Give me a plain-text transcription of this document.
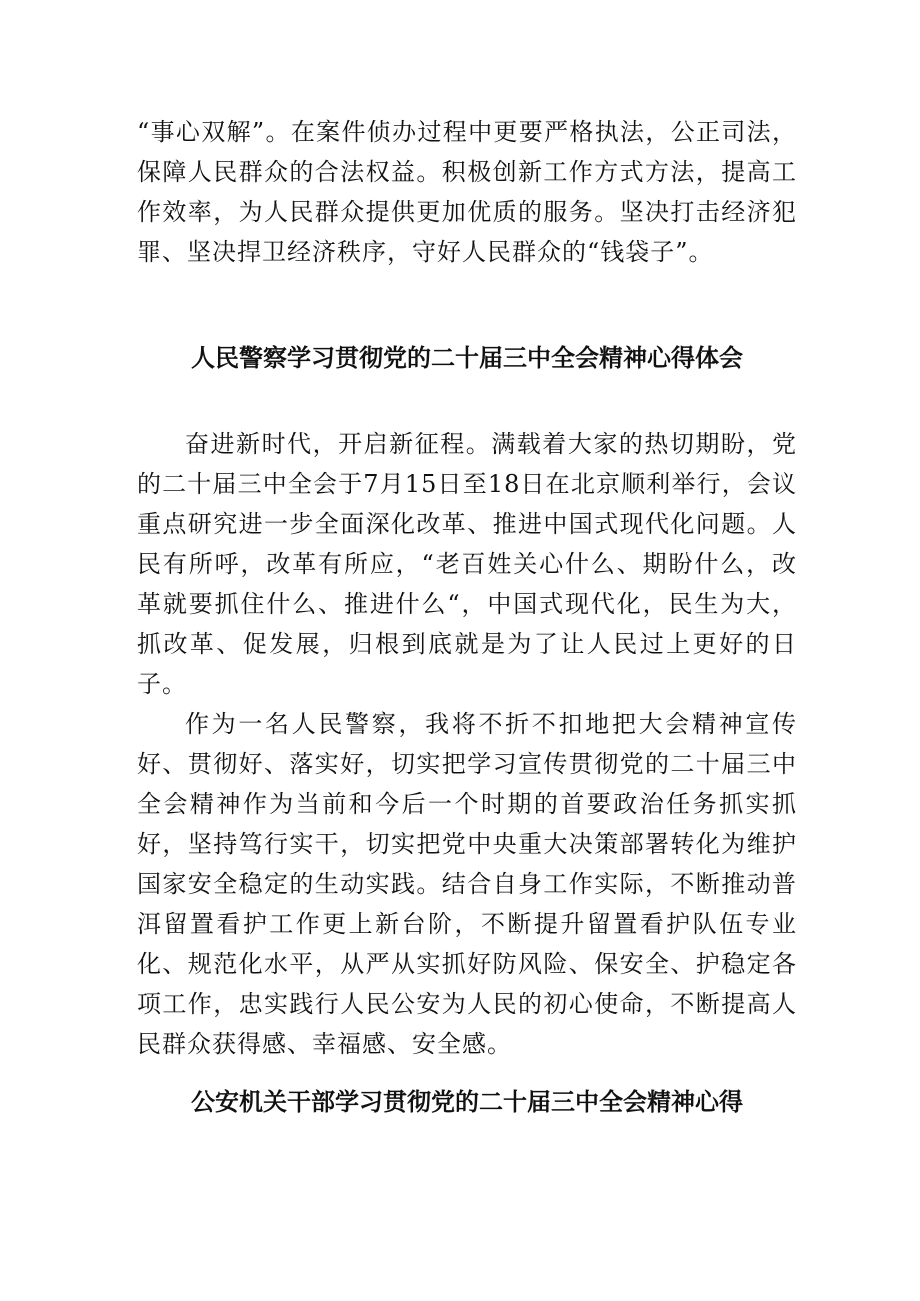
“事心双解”。在案件侦办过程中更要严格执法，公正司法，保障人民群众的合法权益。积极创新工作方式方法，提高工作效率，为人民群众提供更加优质的服务。坚决打击经济犯罪、坚决捍卫经济秩序，守好人民群众的“钱袋子”。

人民警察学习贯彻党的二十届三中全会精神心得体会

奋进新时代，开启新征程。满载着大家的热切期盼，党的二十届三中全会于7月15日至18日在北京顺利举行，会议重点研究进一步全面深化改革、推进中国式现代化问题。人民有所呼，改革有所应，“老百姓关心什么、期盼什么，改革就要抓住什么、推进什么“，中国式现代化，民生为大，抓改革、促发展，归根到底就是为了让人民过上更好的日子。

作为一名人民警察，我将不折不扣地把大会精神宣传好、贯彻好、落实好，切实把学习宣传贯彻党的二十届三中全会精神作为当前和今后一个时期的首要政治任务抓实抓好，坚持笃行实干，切实把党中央重大决策部署转化为维护国家安全稳定的生动实践。结合自身工作实际，不断推动普洱留置看护工作更上新台阶，不断提升留置看护队伍专业化、规范化水平，从严从实抓好防风险、保安全、护稳定各项工作，忠实践行人民公安为人民的初心使命，不断提高人民群众获得感、幸福感、安全感。

公安机关干部学习贯彻党的二十届三中全会精神心得
